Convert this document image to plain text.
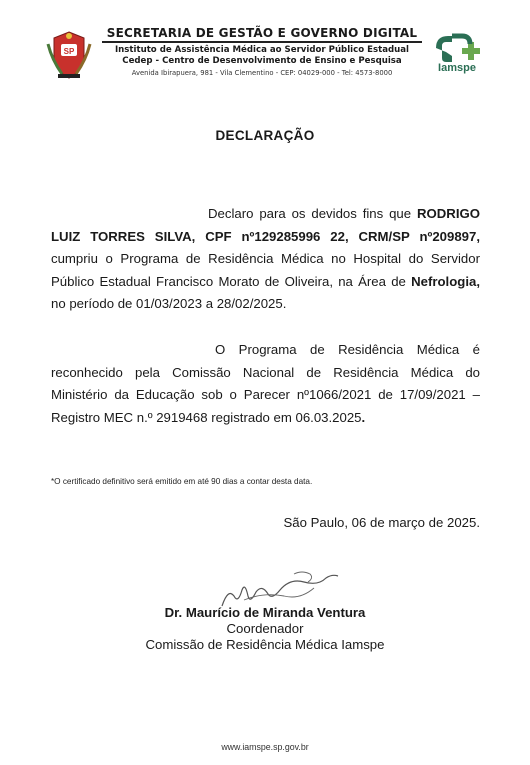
SP
SECRETARIA DE GESTÃO E GOVERNO DIGITAL
Instituto de Assistência Médica ao Servidor Público Estadual
Cedep - Centro de Desenvolvimento de Ensino e Pesquisa
Avenida Ibirapuera, 981 - Vila Clementino - CEP: 04029-000 - Tel: 4573-8000	Iamspe
DECLARAÇÃO

Declaro para os devidos fins que RODRIGO LUIZ TORRES SILVA, CPF nº129285996 22, CRM/SP nº209897, cumpriu o Programa de Residência Médica no Hospital do Servidor Público Estadual Francisco Morato de Oliveira, na Área de Nefrologia, no período de 01/03/2023 a 28/02/2025.

O Programa de Residência Médica é reconhecido pela Comissão Nacional de Residência Médica do Ministério da Educação sob o Parecer nº1066/2021 de 17/09/2021 – Registro MEC n.º 2919468 registrado em 06.03.2025.

*O certificado definitivo será emitido em até 90 dias a contar desta data.
São Paulo, 06 de março de 2025.
Dr. Maurício de Miranda Ventura
Coordenador
Comissão de Residência Médica Iamspe
www.iamspe.sp.gov.br
